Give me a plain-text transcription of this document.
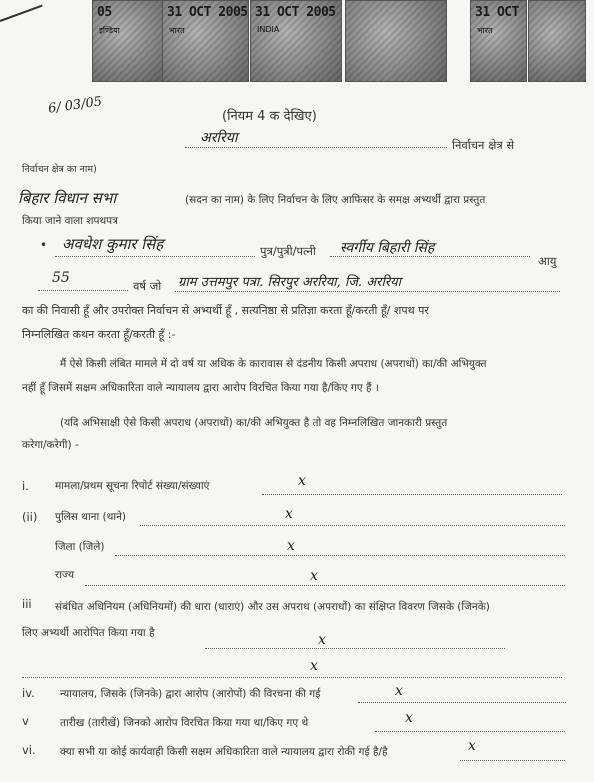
05
इण्डिया
31 OCT 2005
भारत
31 OCT 2005
INDIA
31 OCT
भारत
6/ 03/05	(नियम 4 क देखिए)
अररिया	निर्वाचन क्षेत्र से
निर्वाचन क्षेत्र का नाम)
बिहार विधान सभा	(सदन का नाम) के लिए निर्वाचन के लिए आफिसर के समक्ष अभ्यर्थी द्वारा प्रस्तुत
किया जाने वाला शपथपत्र
• अवधेश कुमार सिंह	पुत्र/पुत्री/पत्नी स्वर्गीय बिहारी सिंह
आयु
55	वर्ष जो ग्राम उत्तमपुर पत्रा. सिरपुर अररिया, जि. अररिया
का की निवासी हूँ और उपरोक्त निर्वाचन से अभ्यर्थी हूँ , सत्यनिष्ठा से प्रतिज्ञा करता हूँ/करती हूँ/ शपथ पर
निम्नलिखित कथन करता हूँ/करती हूँ :-
मैं ऐसे किसी लंबित मामले में दो वर्ष या अधिक के कारावास से दंडनीय किसी अपराध (अपराधों) का/की अभियुक्त
नहीं हूँ जिसमें सक्षम अधिकारिता वाले न्यायालय द्वारा आरोप विरचित किया गया है/किए गए हैं ।
(यदि अभिसाक्षी ऐसे किसी अपराध (अपराधों) का/की अभियुक्त है तो वह निम्नलिखित जानकारी प्रस्तुत
करेगा/करेगी) -
i. मामला/प्रथम सूचना रिपोर्ट संख्या/संख्याएं	x
(ii) पुलिस थाना (थाने)	x
जिला (जिले)	x
राज्य	x
iii संबंधित अधिनियम (अधिनियमों) की धारा (धाराएं) और उस अपराध (अपराधों) का संक्षिप्त विवरण जिसके (जिनके)
लिए अभ्यर्थी आरोपित किया गया है	x
x
iv. न्यायालय, जिसके (जिनके) द्वारा आरोप (आरोपों) की विरचना की गई	x
v	तारीख (तारीखें) जिनको आरोप विरचित किया गया था/किए गए थे	x
vi. क्या सभी या कोई कार्यवाही किसी सक्षम अधिकारिता वाले न्यायालय द्वारा रोकी गई है/है	x
